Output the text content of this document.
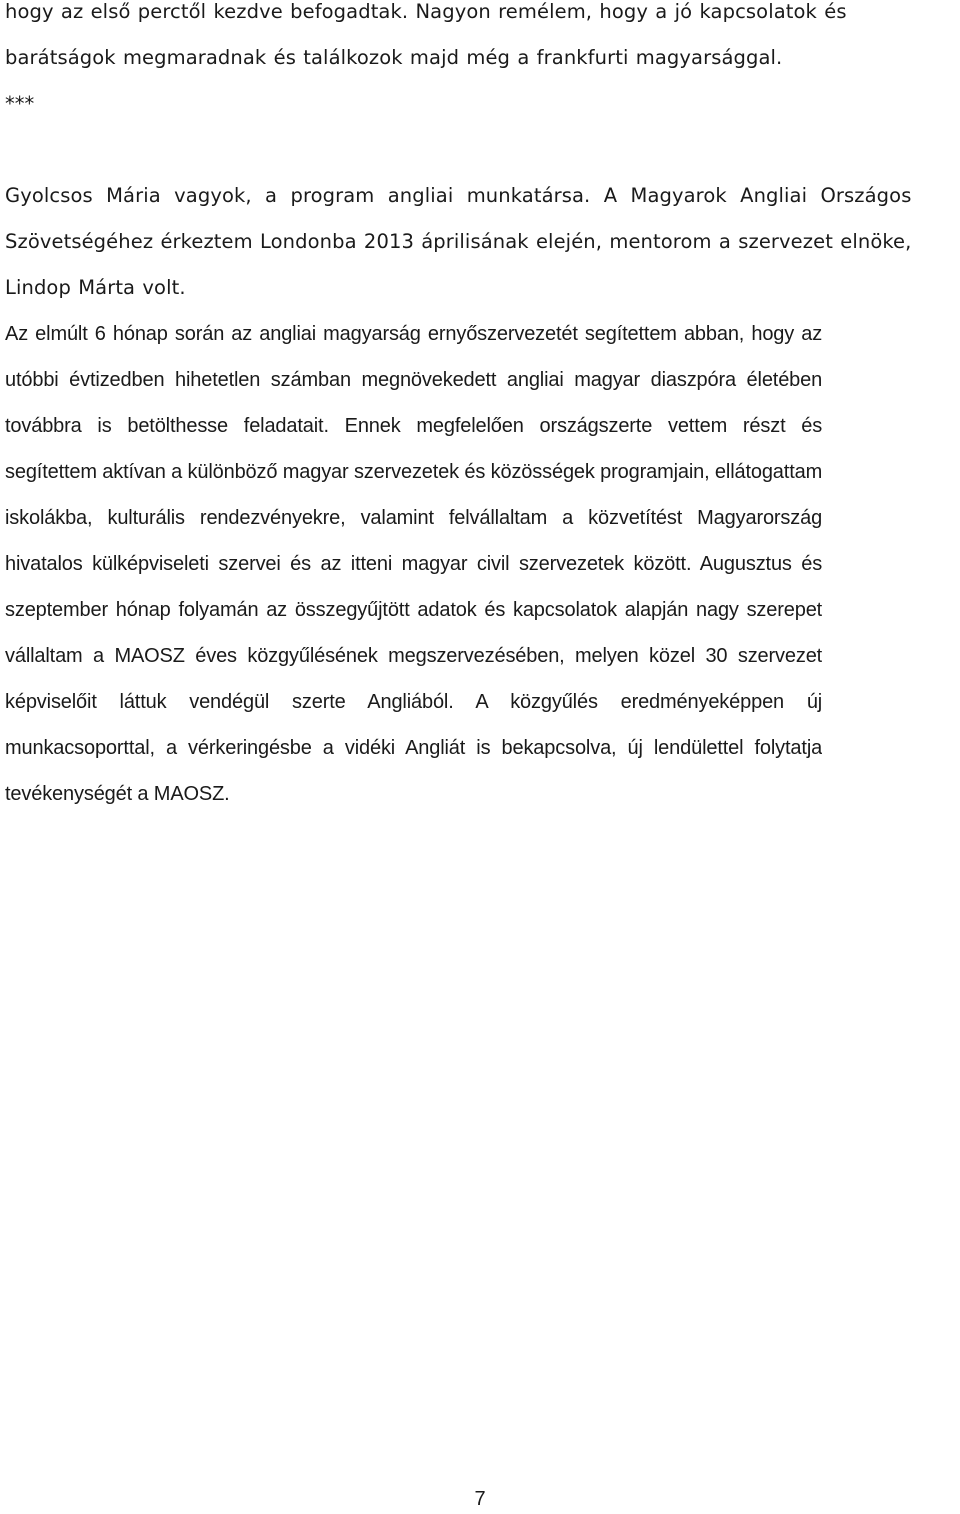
hogy az első perctől kezdve befogadtak. Nagyon remélem, hogy a jó kapcsolatok és
barátságok megmaradnak és találkozok majd még a frankfurti magyarsággal.
***
Gyolcsos Mária vagyok, a program angliai munkatársa. A Magyarok Angliai Országos
Szövetségéhez érkeztem Londonba 2013 áprilisának elején, mentorom a szervezet elnöke,
Lindop Márta volt.
Az elmúlt 6 hónap során az angliai magyarság ernyőszervezetét segítettem abban, hogy az
utóbbi évtizedben hihetetlen számban megnövekedett angliai magyar diaszpóra életében
továbbra is betölthesse feladatait. Ennek megfelelően országszerte vettem részt és
segítettem aktívan a különböző magyar szervezetek és közösségek programjain, ellátogattam
iskolákba, kulturális rendezvényekre, valamint felvállaltam a közvetítést Magyarország
hivatalos külképviseleti szervei és az itteni magyar civil szervezetek között. Augusztus és
szeptember hónap folyamán az összegyűjtött adatok és kapcsolatok alapján nagy szerepet
vállaltam a MAOSZ éves közgyűlésének megszervezésében, melyen közel 30 szervezet
képviselőit láttuk vendégül szerte Angliából. A közgyűlés eredményeképpen új
munkacsoporttal, a vérkeringésbe a vidéki Angliát is bekapcsolva, új lendülettel folytatja
tevékenységét a MAOSZ.
7
